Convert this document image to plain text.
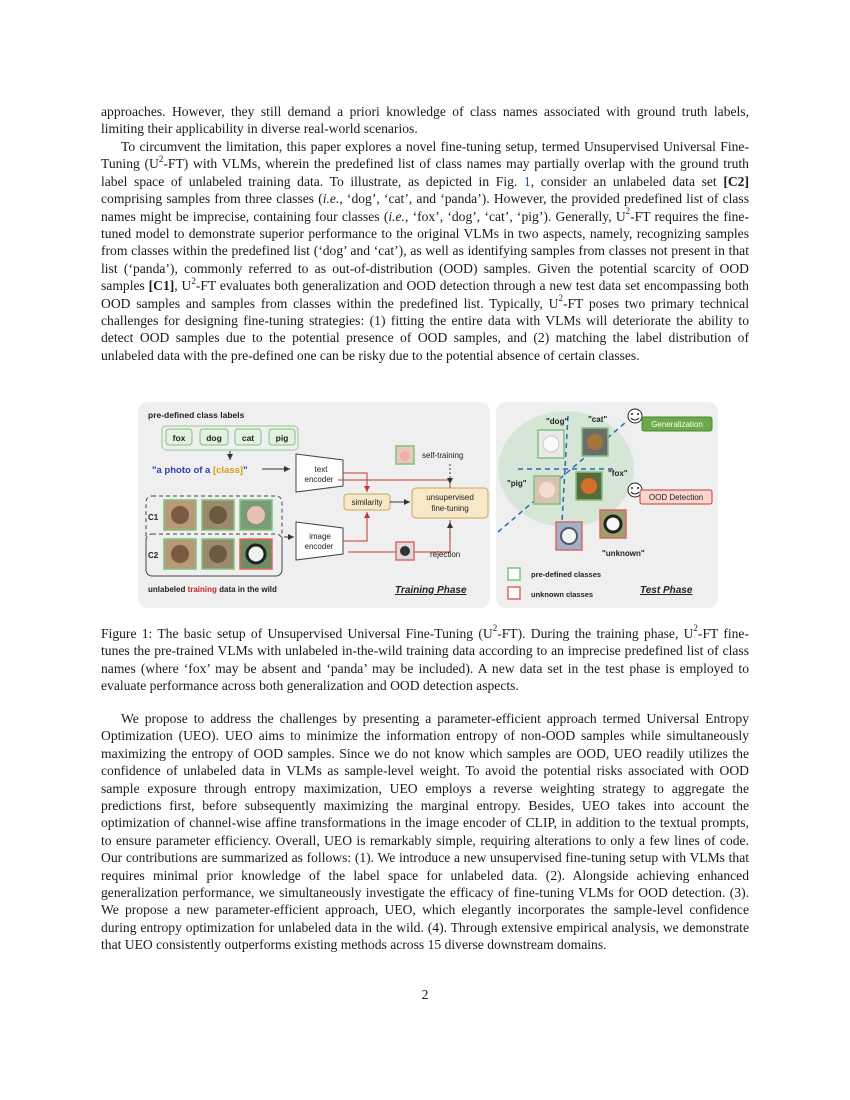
approaches. However, they still demand a priori knowledge of class names associated with ground truth labels, limiting their applicability in diverse real-world scenarios.

To circumvent the limitation, this paper explores a novel fine-tuning setup, termed Unsupervised Universal Fine-Tuning $(U^2-FT)$ with VLMs, wherein the predefined list of class names may partially overlap with the ground truth label space of unlabeled training data. To illustrate, as depicted in Fig. 1, consider an unlabeled data set [C2] comprising samples from three classes (i.e., ‘dog’, ‘cat’, and ‘panda’). However, the provided predefined list of class names might be imprecise, containing four classes (i.e., ‘fox’, ‘dog’, ‘cat’, ‘pig’). Generally, $U^2-FT$ requires the fine-tuned model to demonstrate superior performance to the original VLMs in two aspects, namely, recognizing samples from classes within the predefined list (‘dog’ and ‘cat’), as well as identifying samples from classes not present in that list (‘panda’), commonly referred to as out-of-distribution (OOD) samples. Given the potential scarcity of OOD samples [C1], $U^2-FT$ evaluates both generalization and OOD detection through a new test data set encompassing both OOD samples and samples from classes within the predefined list. Typically, $U^2-FT$ poses two primary technical challenges for designing fine-tuning strategies: (1) fitting the entire data with VLMs will deteriorate the ability to detect OOD samples due to the potential presence of OOD samples, and (2) matching the label distribution of unlabeled data with the pre-defined one can be risky due to the potential absence of certain classes.

pre-defined class labels
fox dog cat	pig
"a photo of a [class]"	text
encoder
image
encoder
similarity
unsupervised
fine-tuning
self-training
rejection
C1
C2
unlabeled training data in the wild	Training Phase
"dog" "cat"
"pig"
"fox"
"unknown"
Generalization
OOD Detection
pre-defined classes
unknown classes	Test Phase

Figure 1: The basic setup of Unsupervised Universal Fine-Tuning $(U^2-FT)$. During the training phase, $U^2-FT$ fine-tunes the pre-trained VLMs with unlabeled in-the-wild training data according to an imprecise predefined list of class names (where ‘fox’ may be absent and ‘panda’ may be included). A new data set in the test phase is employed to evaluate performance across both generalization and OOD detection aspects.

We propose to address the challenges by presenting a parameter-efficient approach termed Universal Entropy Optimization (UEO). UEO aims to minimize the information entropy of non-OOD samples while simultaneously maximizing the entropy of OOD samples. Since we do not know which samples are OOD, UEO readily utilizes the confidence of unlabeled data in VLMs as sample-level weight. To avoid the potential risks associated with OOD sample exposure through entropy maximization, UEO employs a reverse weighting strategy to aggregate the predictions first, before subsequently maximizing the marginal entropy. Besides, UEO takes into account the optimization of channel-wise affine transformations in the image encoder of CLIP, in addition to the textual prompts, to ensure parameter efficiency. Overall, UEO is remarkably simple, requiring alterations to only a few lines of code. Our contributions are summarized as follows: (1). We introduce a new unsupervised fine-tuning setup with VLMs that requires minimal prior knowledge of the label space for unlabeled data. (2). Alongside achieving enhanced generalization performance, we simultaneously investigate the efficacy of fine-tuning VLMs for OOD detection. (3). We propose a new parameter-efficient approach, UEO, which elegantly incorporates the sample-level confidence during entropy optimization for unlabeled data in the wild. (4). Through extensive empirical analysis, we demonstrate that UEO consistently outperforms existing methods across 15 diverse downstream domains.

2
